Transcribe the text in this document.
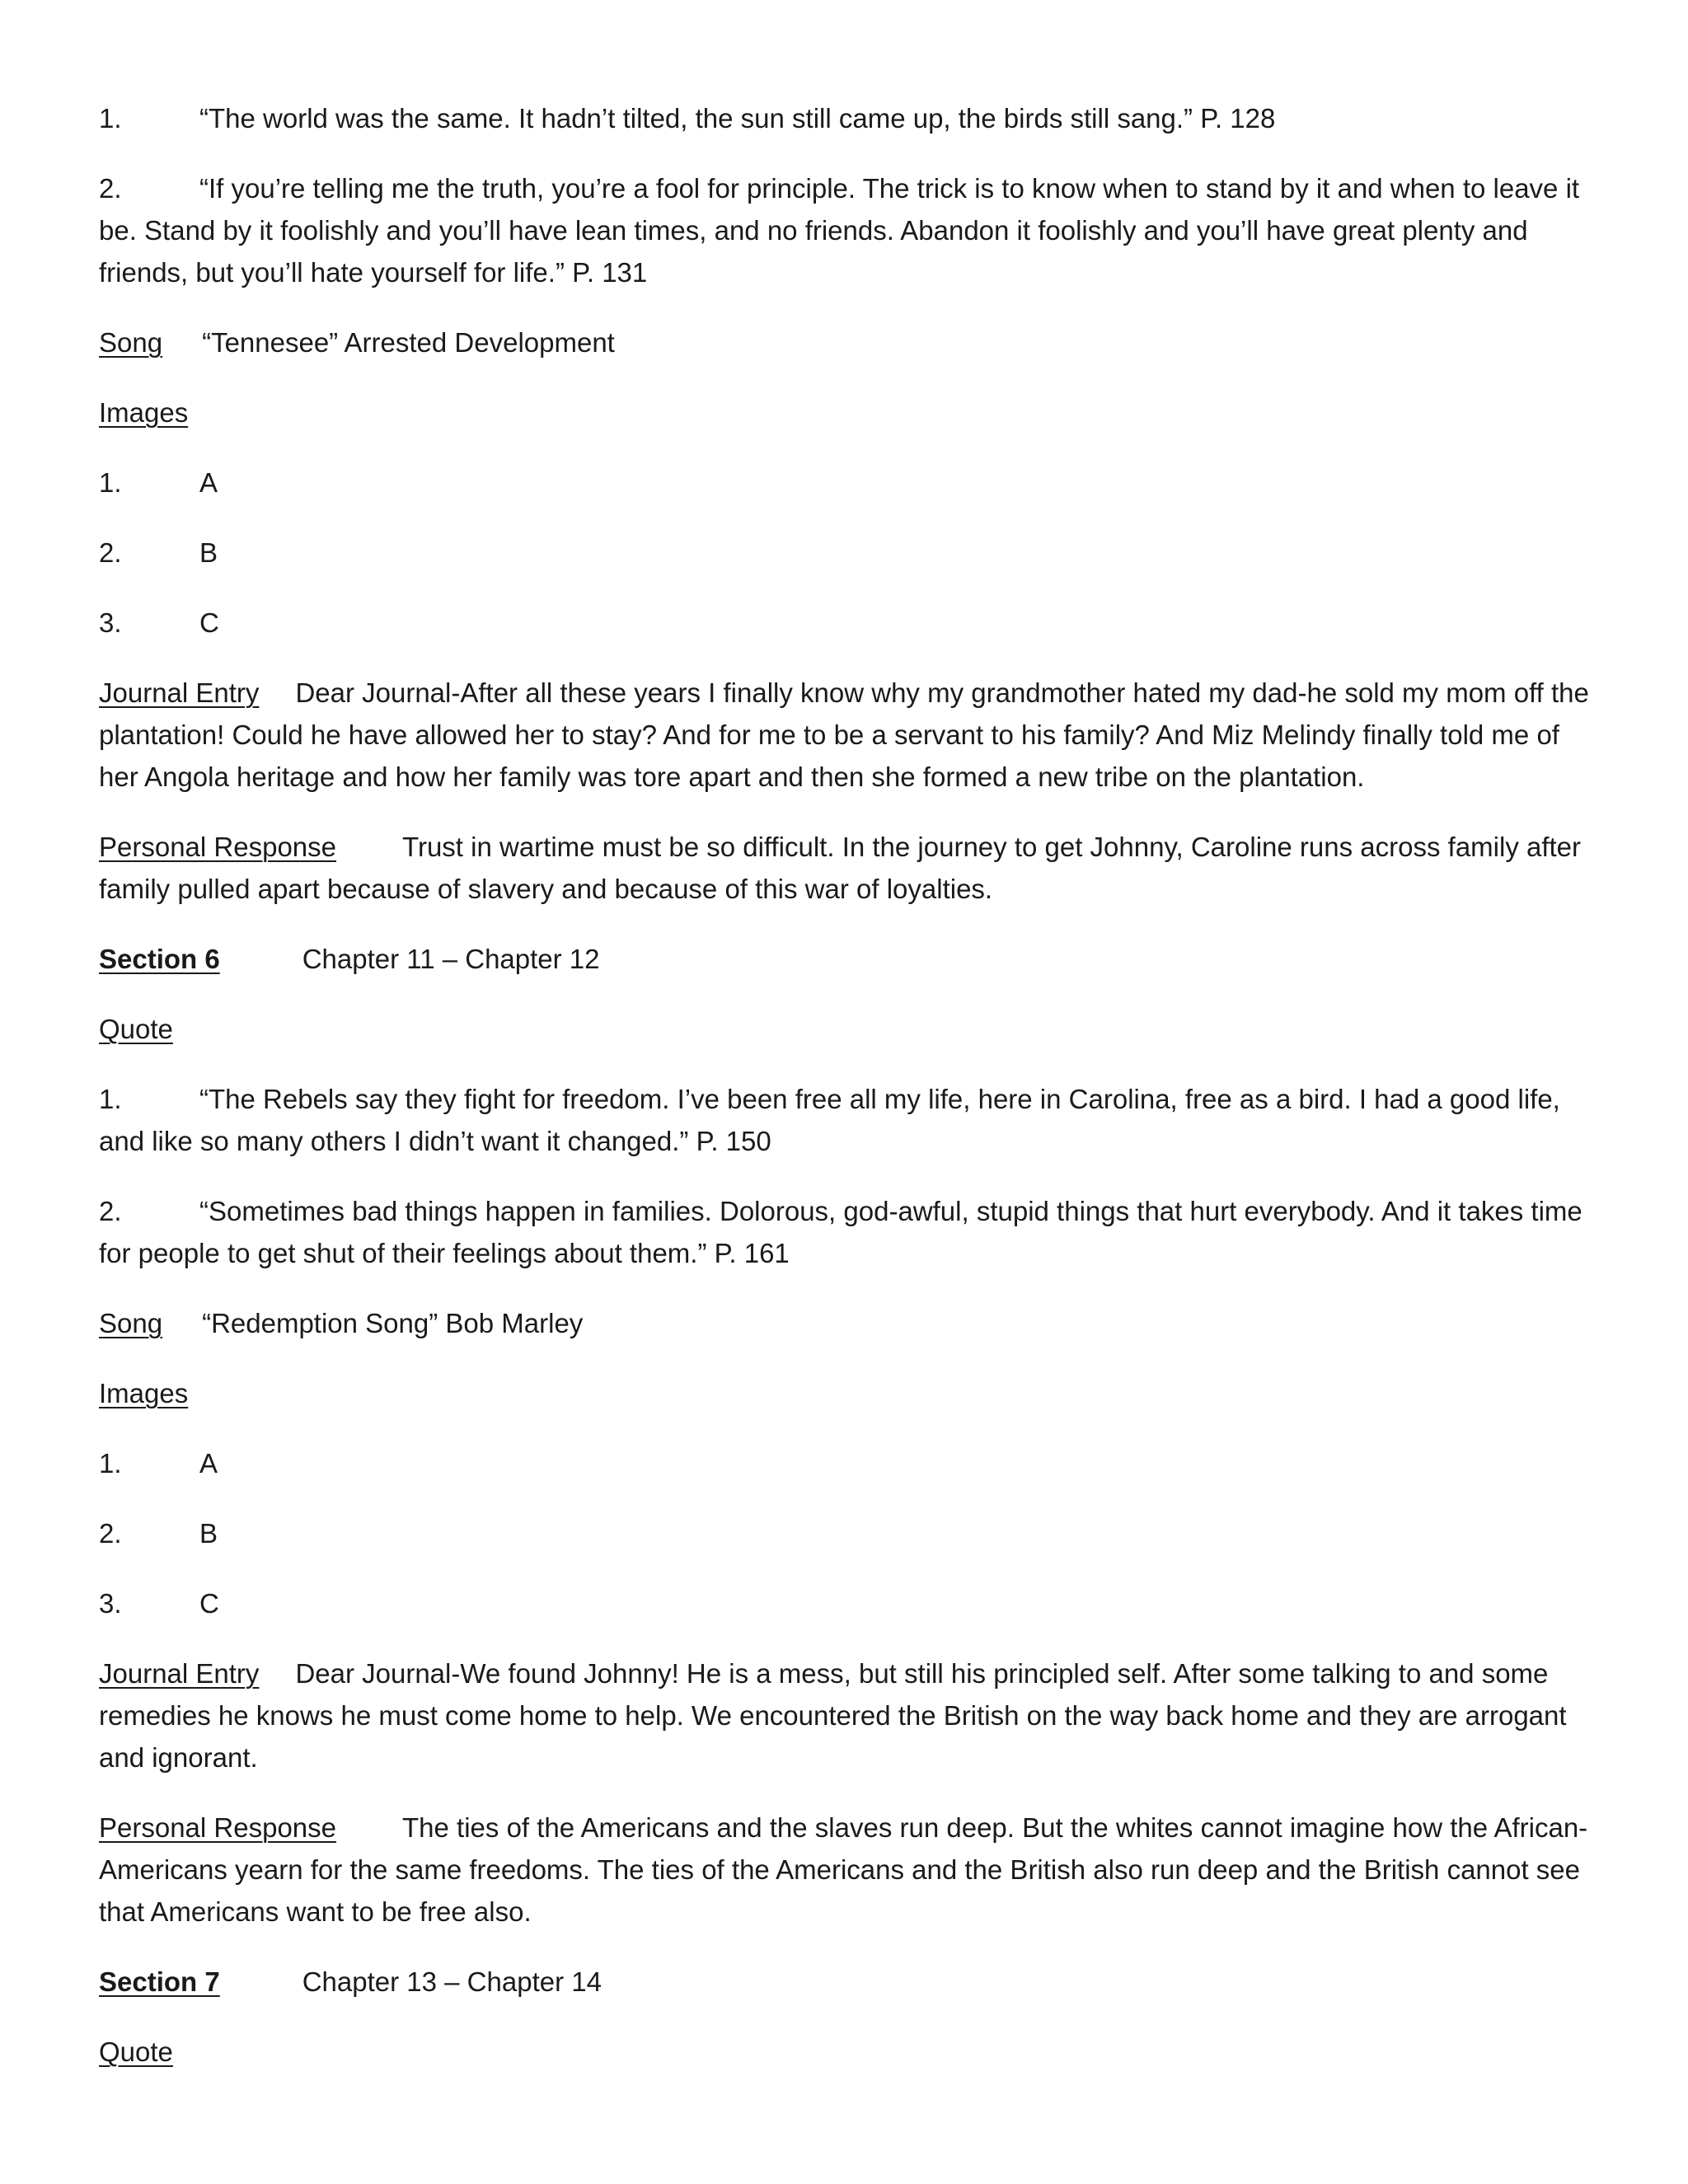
1.	“The world was the same. It hadn’t tilted, the sun still came up, the birds still sang.” P. 128

2.	“If you’re telling me the truth, you’re a fool for principle. The trick is to know when to stand by it and when to leave it be. Stand by it foolishly and you’ll have lean times, and no friends. Abandon it foolishly and you’ll have great plenty and friends, but you’ll hate yourself for life.” P. 131

Song “Tennesee” Arrested Development

Images

1.	A

2.	B

3.	C

Journal Entry Dear Journal-After all these years I finally know why my grandmother hated my dad-he sold my mom off the plantation! Could he have allowed her to stay? And for me to be a servant to his family? And Miz Melindy finally told me of her Angola heritage and how her family was tore apart and then she formed a new tribe on the plantation.

Personal Response Trust in wartime must be so difficult. In the journey to get Johnny, Caroline runs across family after family pulled apart because of slavery and because of this war of loyalties.

Section 6	Chapter 11 – Chapter 12

Quote

1.	“The Rebels say they fight for freedom. I’ve been free all my life, here in Carolina, free as a bird. I had a good life, and like so many others I didn’t want it changed.” P. 150

2.	“Sometimes bad things happen in families. Dolorous, god-awful, stupid things that hurt everybody. And it takes time for people to get shut of their feelings about them.” P. 161

Song “Redemption Song” Bob Marley

Images

1.	A

2.	B

3.	C

Journal Entry Dear Journal-We found Johnny! He is a mess, but still his principled self. After some talking to and some remedies he knows he must come home to help. We encountered the British on the way back home and they are arrogant and ignorant.

Personal Response The ties of the Americans and the slaves run deep. But the whites cannot imagine how the African-Americans yearn for the same freedoms. The ties of the Americans and the British also run deep and the British cannot see that Americans want to be free also.

Section 7	Chapter 13 – Chapter 14

Quote
